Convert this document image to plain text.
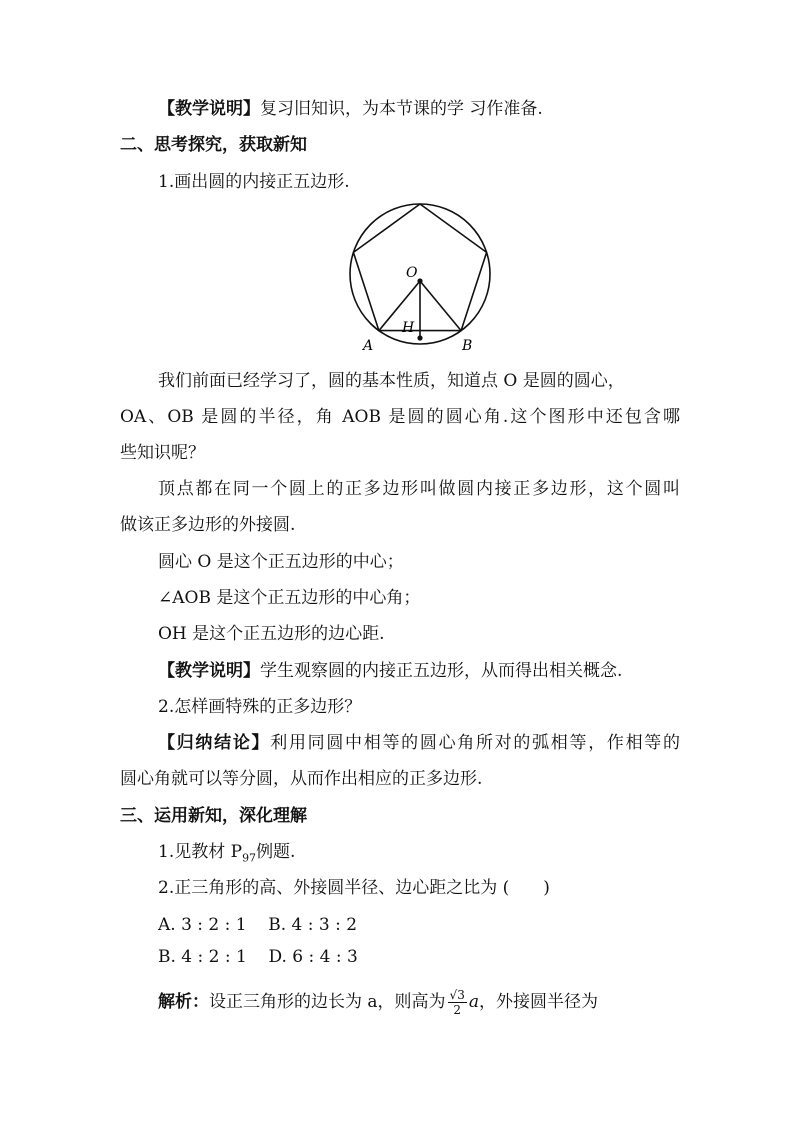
【教学说明】复习旧知识，为本节课的学 习作准备.
二、思考探究，获取新知
1.画出圆的内接正五边形.
O
H
A	B
我们前面已经学习了，圆的基本性质，知道点 O 是圆的圆心，
OA、OB 是圆的半径，角 AOB 是圆的圆心角.这个图形中还包含哪
些知识呢？
顶点都在同一个圆上的正多边形叫做圆内接正多边形，这个圆叫
做该正多边形的外接圆.
圆心 O 是这个正五边形的中心；
∠AOB 是这个正五边形的中心角；
OH 是这个正五边形的边心距.
【教学说明】学生观察圆的内接正五边形，从而得出相关概念.
2.怎样画特殊的正多边形？
【归纳结论】利用同圆中相等的圆心角所对的弧相等，作相等的
圆心角就可以等分圆，从而作出相应的正多边形.
三、运用新知，深化理解
1.见教材 $P_{97}$例题.
2.正三角形的高、外接圆半径、边心距之比为 (　　)
A. 3 : 2 : 1 B. 4 : 3 : 2
B. 4 : 2 : 1 D. 6 : 4 : 3
解析：设正三角形的边长为 a，则高为 $\frac{√3}{2}$ a，外接圆半径为
